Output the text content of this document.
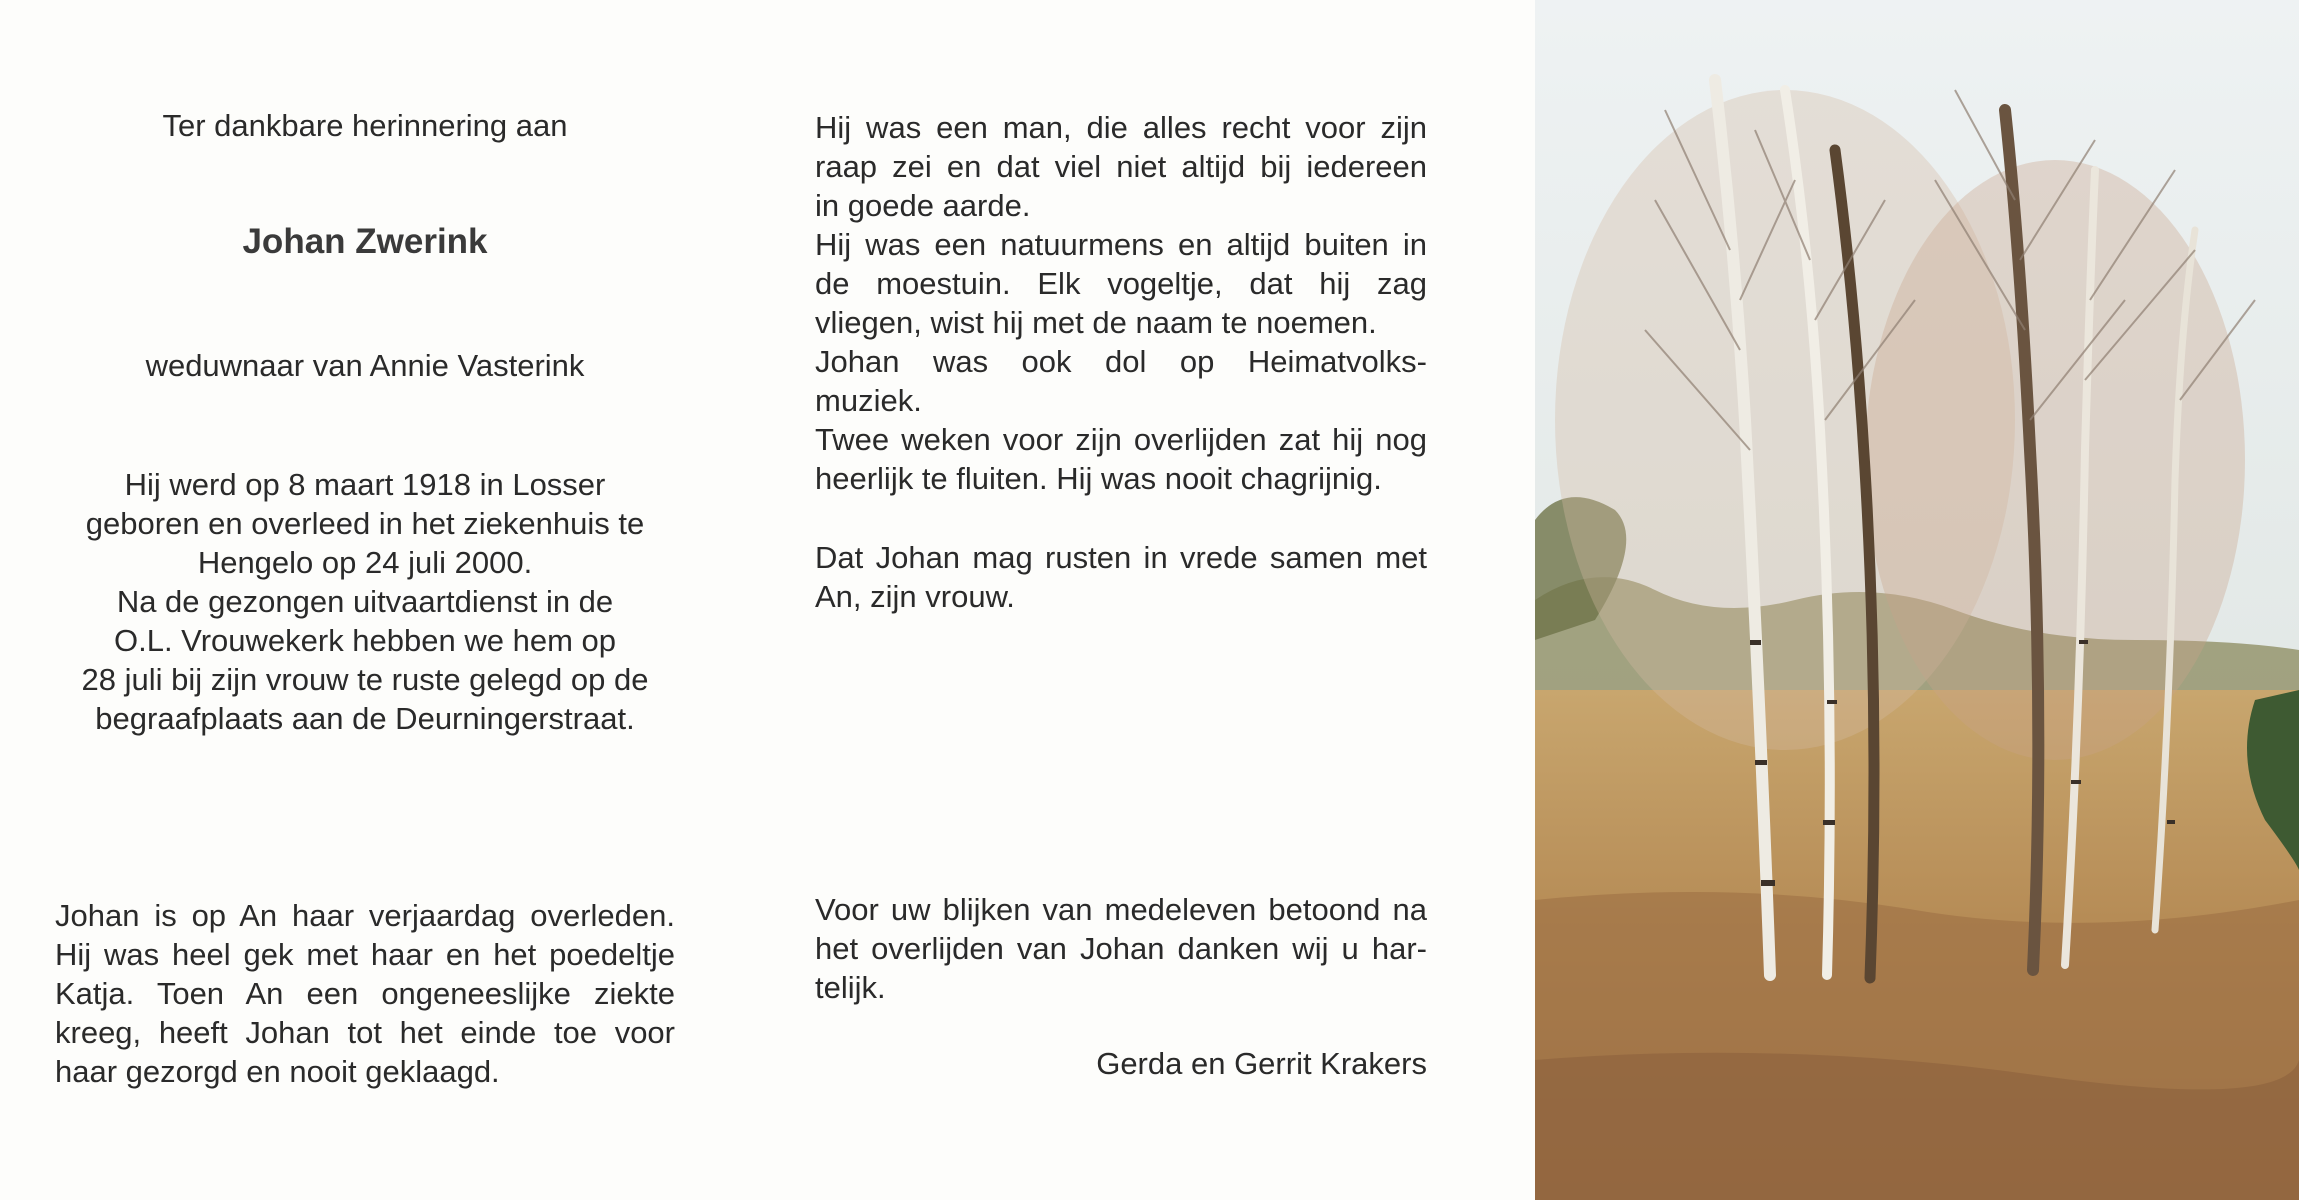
Ter dankbare herinnering aan
Johan Zwerink
weduwnaar van Annie Vasterink
Hij werd op 8 maart 1918 in Losser
geboren en overleed in het ziekenhuis te
Hengelo op 24 juli 2000.
Na de gezongen uitvaartdienst in de
O.L. Vrouwekerk hebben we hem op
28 juli bij zijn vrouw te ruste gelegd op de
begraafplaats aan de Deurningerstraat.
Johan is op An haar verjaardag overleden.
Hij was heel gek met haar en het poedeltje
Katja. Toen An een ongeneeslijke ziekte
kreeg, heeft Johan tot het einde toe voor
haar gezorgd en nooit geklaagd.
Hij was een man, die alles recht voor zijn
raap zei en dat viel niet altijd bij iedereen
in goede aarde.
Hij was een natuurmens en altijd buiten in
de moestuin. Elk vogeltje, dat hij zag
vliegen, wist hij met de naam te noemen.
Johan was ook dol op Heimatvolks-
muziek.
Twee weken voor zijn overlijden zat hij nog
heerlijk te fluiten. Hij was nooit chagrijnig.
Dat Johan mag rusten in vrede samen met
An, zijn vrouw.
Voor uw blijken van medeleven betoond na
het overlijden van Johan danken wij u har-
telijk.
Gerda en Gerrit Krakers
